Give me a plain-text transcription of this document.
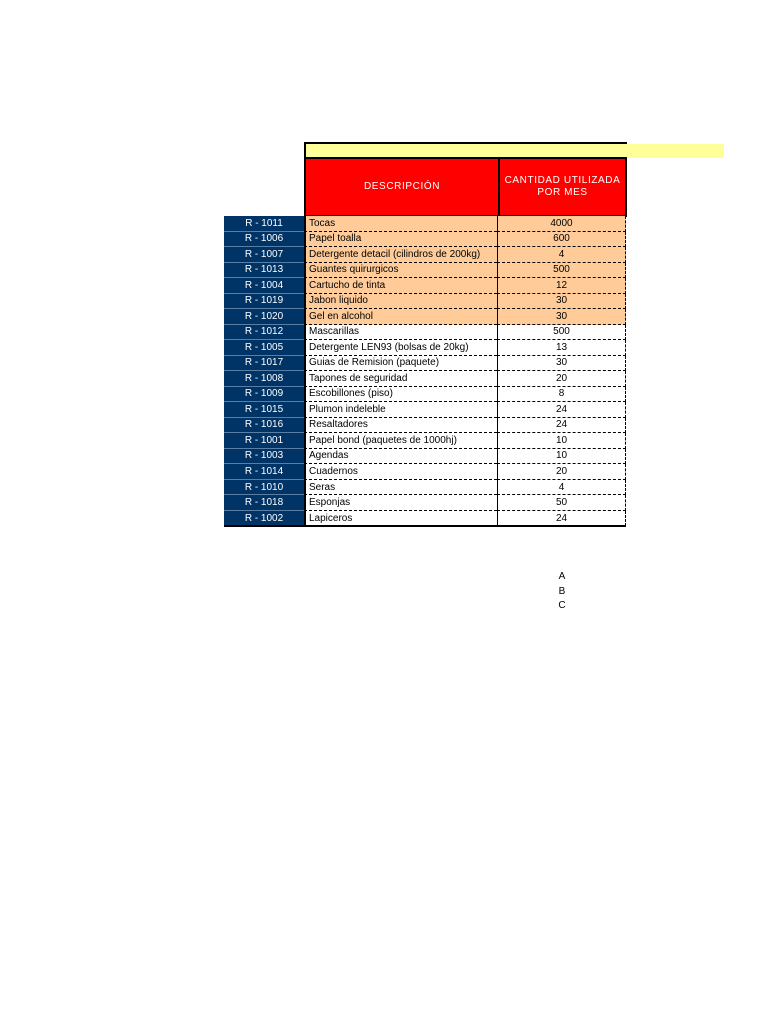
DESCRIPCIÓN
CANTIDAD UTILIZADA
POR MES
R - 1011	Tocas	4000
R - 1006	Papel toalla	600
R - 1007	Detergente detacil (cilindros de 200kg)	4
R - 1013	Guantes quirurgicos	500
R - 1004	Cartucho de tinta	12
R - 1019	Jabon liquido	30
R - 1020	Gel en alcohol	30
R - 1012	Mascarillas	500
R - 1005	Detergente LEN93 (bolsas de 20kg)	13
R - 1017	Guias de Remision (paquete)	30
R - 1008	Tapones de seguridad	20
R - 1009	Escobillones (piso)	8
R - 1015	Plumon indeleble	24
R - 1016	Resaltadores	24
R - 1001	Papel bond (paquetes de 1000hj)	10
R - 1003	Agendas	10
R - 1014	Cuadernos	20
R - 1010	Seras	4
R - 1018	Esponjas	50
R - 1002	Lapiceros	24
A
B
C
